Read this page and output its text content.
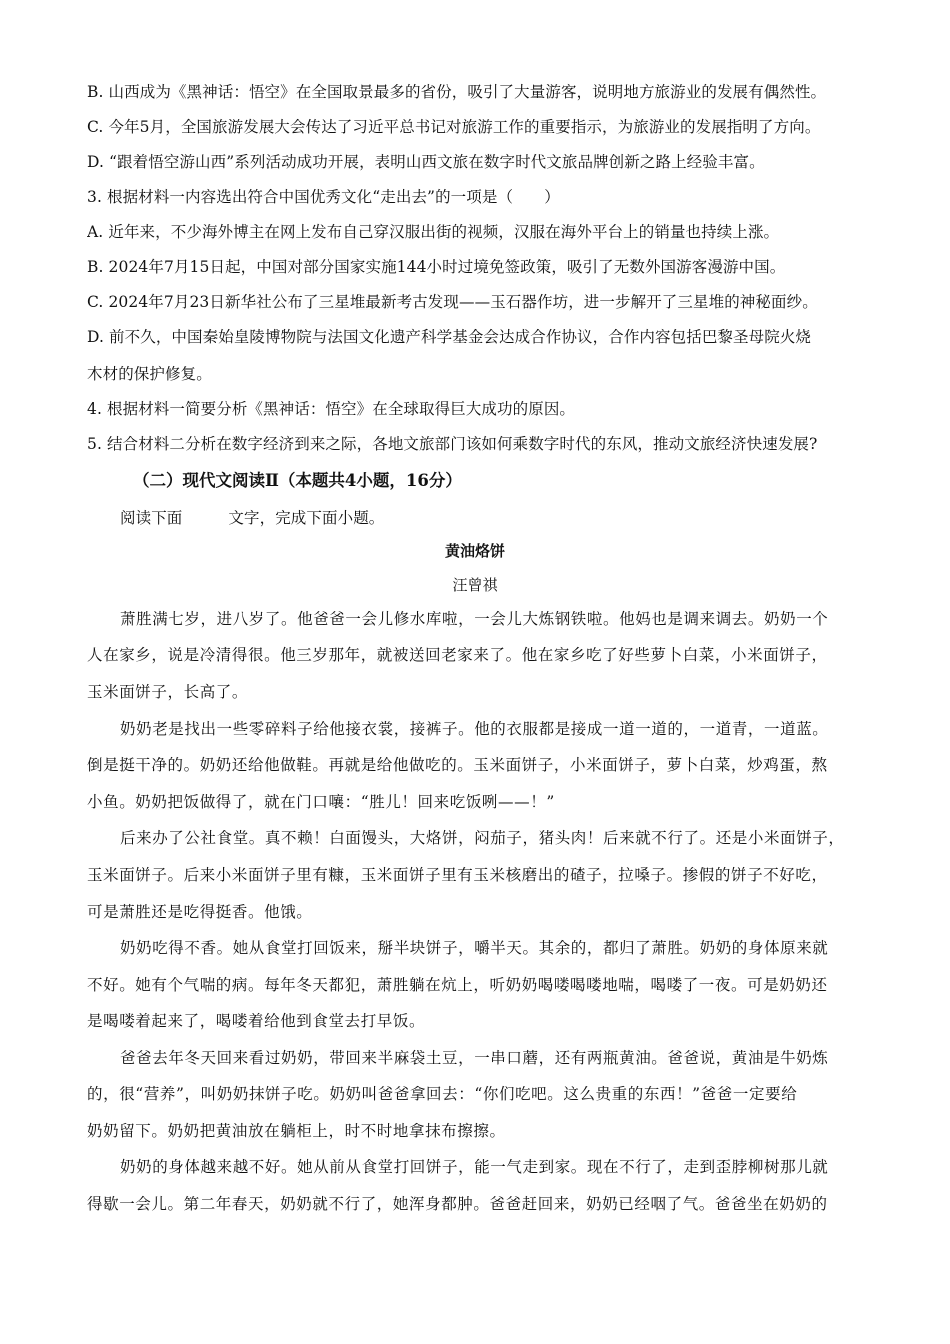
B. 山西成为《黑神话：悟空》在全国取景最多的省份，吸引了大量游客，说明地方旅游业的发展有偶然性。
C. 今年5月，全国旅游发展大会传达了习近平总书记对旅游工作的重要指示，为旅游业的发展指明了方向。
D. “跟着悟空游山西”系列活动成功开展，表明山西文旅在数字时代文旅品牌创新之路上经验丰富。
3. 根据材料一内容选出符合中国优秀文化“走出去”的一项是（　　）
A. 近年来，不少海外博主在网上发布自己穿汉服出街的视频，汉服在海外平台上的销量也持续上涨。
B. 2024年7月15日起，中国对部分国家实施144小时过境免签政策，吸引了无数外国游客漫游中国。
C. 2024年7月23日新华社公布了三星堆最新考古发现——玉石器作坊，进一步解开了三星堆的神秘面纱。
D. 前不久，中国秦始皇陵博物院与法国文化遗产科学基金会达成合作协议，合作内容包括巴黎圣母院火烧
木材的保护修复。
4. 根据材料一简要分析《黑神话：悟空》在全球取得巨大成功的原因。
5. 结合材料二分析在数字经济到来之际，各地文旅部门该如何乘数字时代的东风，推动文旅经济快速发展?
（二）现代文阅读Ⅱ（本题共4小题，16分）
阅读下面	文字，完成下面小题。
黄油烙饼
汪曾祺
萧胜满七岁，进八岁了。他爸爸一会儿修水库啦，一会儿大炼钢铁啦。他妈也是调来调去。奶奶一个
人在家乡，说是冷清得很。他三岁那年，就被送回老家来了。他在家乡吃了好些萝卜白菜，小米面饼子，
玉米面饼子，长高了。
奶奶老是找出一些零碎料子给他接衣裳，接裤子。他的衣服都是接成一道一道的，一道青，一道蓝。
倒是挺干净的。奶奶还给他做鞋。再就是给他做吃的。玉米面饼子，小米面饼子，萝卜白菜，炒鸡蛋，熬
小鱼。奶奶把饭做得了，就在门口嚷：“胜儿！回来吃饭咧——！”
后来办了公社食堂。真不赖！白面馒头，大烙饼，闷茄子，猪头肉！后来就不行了。还是小米面饼子，
玉米面饼子。后来小米面饼子里有糠，玉米面饼子里有玉米核磨出的碴子，拉嗓子。掺假的饼子不好吃，
可是萧胜还是吃得挺香。他饿。
奶奶吃得不香。她从食堂打回饭来，掰半块饼子，嚼半天。其余的，都归了萧胜。奶奶的身体原来就
不好。她有个气喘的病。每年冬天都犯，萧胜躺在炕上，听奶奶喝喽喝喽地喘，喝喽了一夜。可是奶奶还
是喝喽着起来了，喝喽着给他到食堂去打早饭。
爸爸去年冬天回来看过奶奶，带回来半麻袋土豆，一串口蘑，还有两瓶黄油。爸爸说，黄油是牛奶炼
的，很“营养”，叫奶奶抹饼子吃。奶奶叫爸爸拿回去：“你们吃吧。这么贵重的东西！”爸爸一定要给
奶奶留下。奶奶把黄油放在躺柜上，时不时地拿抹布擦擦。
奶奶的身体越来越不好。她从前从食堂打回饼子，能一气走到家。现在不行了，走到歪脖柳树那儿就
得歇一会儿。第二年春天，奶奶就不行了，她浑身都肿。爸爸赶回来，奶奶已经咽了气。爸爸坐在奶奶的
